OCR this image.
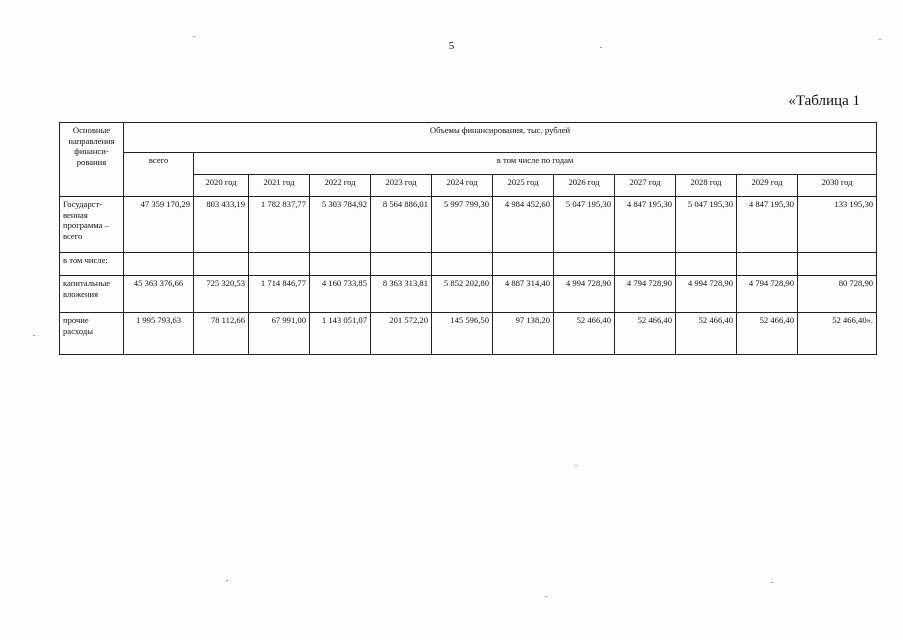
5
«Таблица 1
Основные направления финанси-рования	Объемы финансирования, тыс. рублей											
	всего	в том числе по годам										
		2020 год	2021 год	2022 год	2023 год	2024 год	2025 год	2026 год	2027 год	2028 год	2029 год	2030 год
Государст-венная программа – всего	47 359 170,29	803 433,19	1 782 837,77	5 303 784,92	8 564 886,01	5 997 799,30	4 984 452,60	5 047 195,30	4 847 195,30	5 047 195,30	4 847 195,30	133 195,30
в том числе:												
капитальные вложения	45 363 376,66	725 320,53	1 714 846,77	4 160 733,85	8 363 313,81	5 852 202,80	4 887 314,40	4 994 728,90	4 794 728,90	4 994 728,90	4 794 728,90	80 728,90
прочие расходы	1 995 793,63	78 112,66	67 991,00	1 143 051,07	201 572,20	145 596,50	97 138,20	52 466,40	52 466,40	52 466,40	52 466,40	52 466,40».
